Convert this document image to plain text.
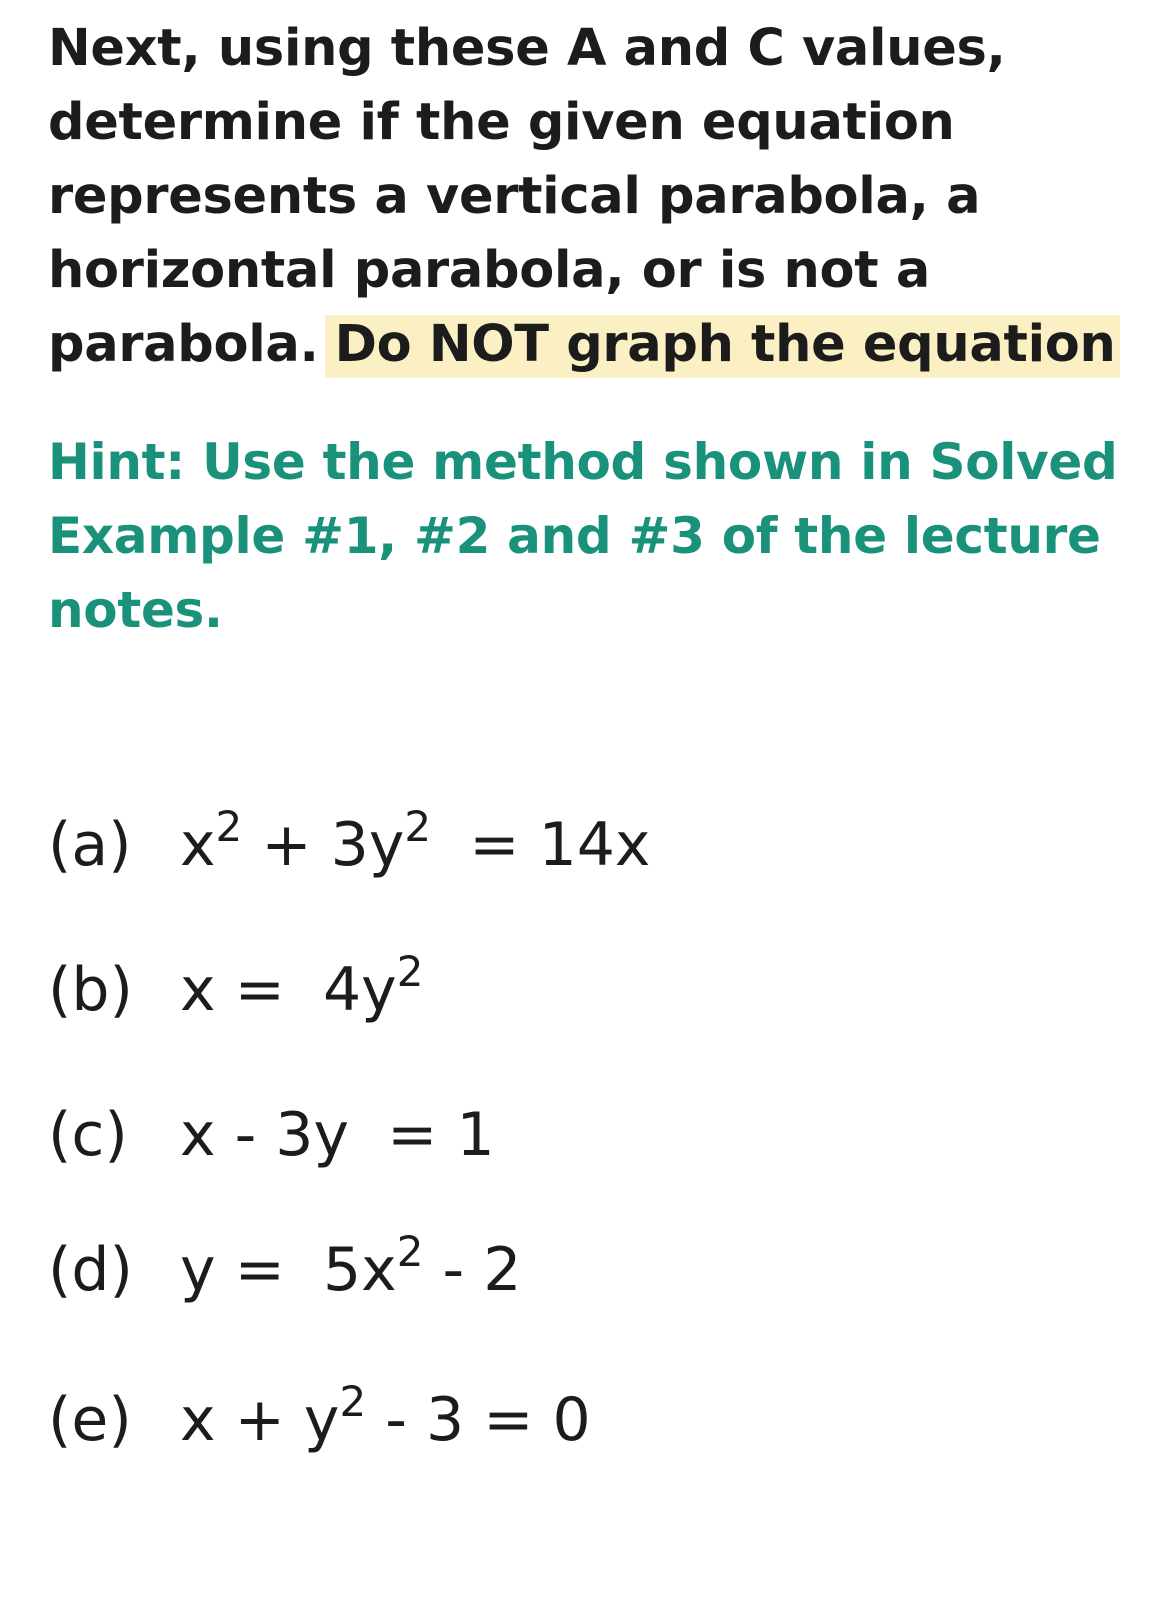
Next, using these A and C values,
determine if the given equation
represents a vertical parabola, a
horizontal parabola, or is not a
parabola. Do NOT graph the equation
Hint: Use the method shown in Solved
Example #1, #2 and #3 of the lecture
notes.
(a) $x^2 + 3y^2 = 14x$
(b) $x = 4y^2$
(c) x - 3y  = 1
(d) $y = 5x^2 - 2$
(e) $x + y^2 - 3 = 0$
